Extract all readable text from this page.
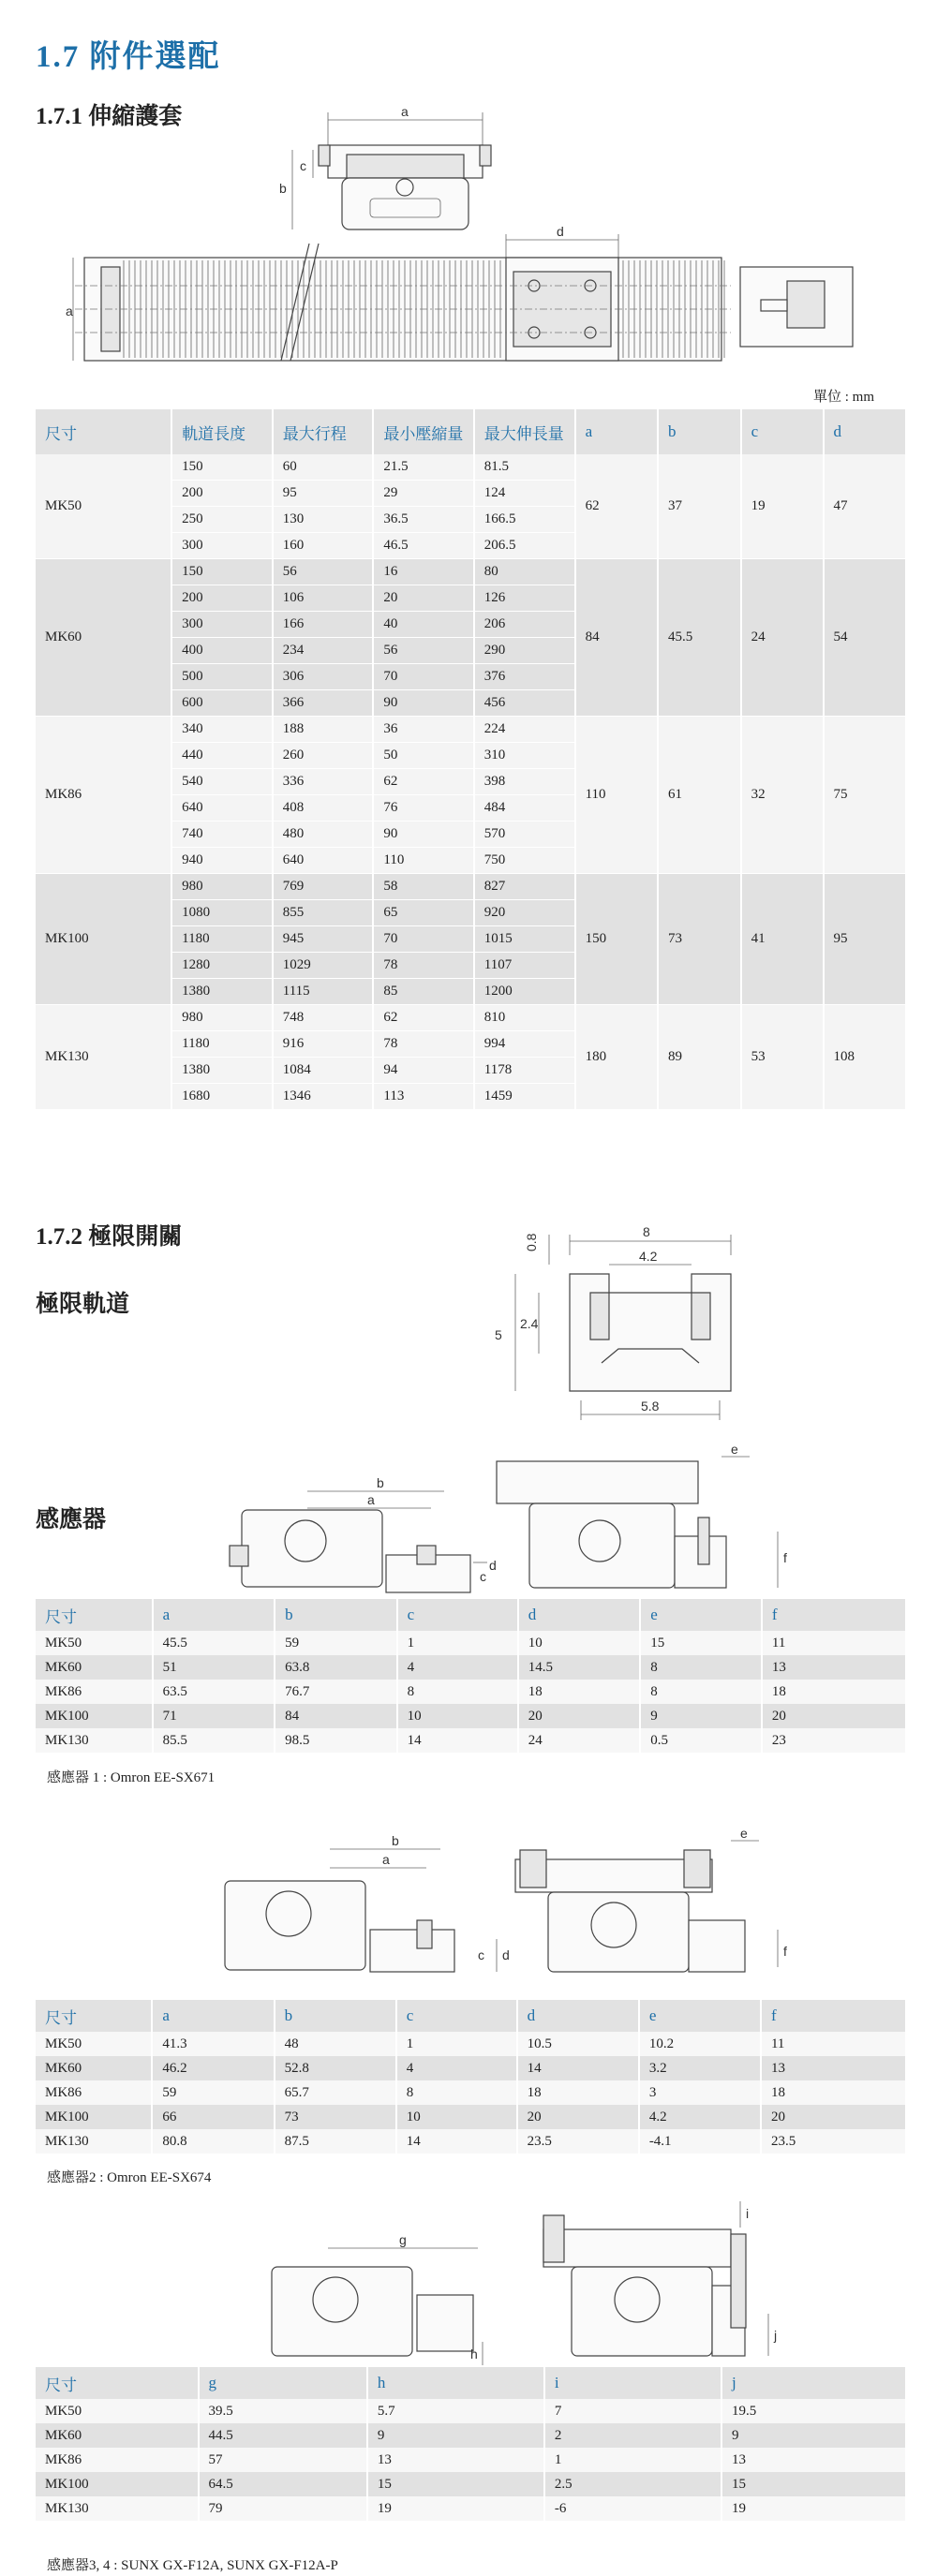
1.7 附件選配
1.7.1 伸縮護套	a
b
c
d
a
單位 : mm
尺寸	軌道長度	最大行程	最小壓縮量	最大伸長量	a	b	c	d
MK50	150	60	21.5	81.5	62	37	19	47
	200	95	29	124				
	250	130	36.5	166.5				
	300	160	46.5	206.5				
MK60	150	56	16	80	84	45.5	24	54
	200	106	20	126				
	300	166	40	206				
	400	234	56	290				
	500	306	70	376				
	600	366	90	456				
MK86	340	188	36	224	110	61	32	75
	440	260	50	310				
	540	336	62	398				
	640	408	76	484				
	740	480	90	570				
	940	640	110	750				
MK100	980	769	58	827	150	73	41	95
	1080	855	65	920				
	1180	945	70	1015				
	1280	1029	78	1107				
	1380	1115	85	1200				
MK130	980	748	62	810	180	89	53	108
	1180	916	78	994				
	1380	1084	94	1178				
	1680	1346	113	1459				
1.7.2 極限開關
極限軌道
8
4.2
0.8
5
2.4
5.8
感應器
b
a
c
d
e
f
尺寸	a	b	c	d	e	f
MK50	45.5	59	1	10	15	11
MK60	51	63.8	4	14.5	8	13
MK86	63.5	76.7	8	18	8	18
MK100	71	84	10	20	9	20
MK130	85.5	98.5	14	24	0.5	23
感應器 1 : Omron EE-SX671
b
a
c d
e
f
尺寸	a	b	c	d	e	f
MK50	41.3	48	1	10.5	10.2	11
MK60	46.2	52.8	4	14	3.2	13
MK86	59	65.7	8	18	3	18
MK100	66	73	10	20	4.2	20
MK130	80.8	87.5	14	23.5	-4.1	23.5
感應器2 : Omron EE-SX674
g
h
i
j
尺寸	g	h	i	j
MK50	39.5	5.7	7	19.5
MK60	44.5	9	2	9
MK86	57	13	1	13
MK100	64.5	15	2.5	15
MK130	79	19	-6	19
感應器3, 4 : SUNX GX-F12A, SUNX GX-F12A-P
